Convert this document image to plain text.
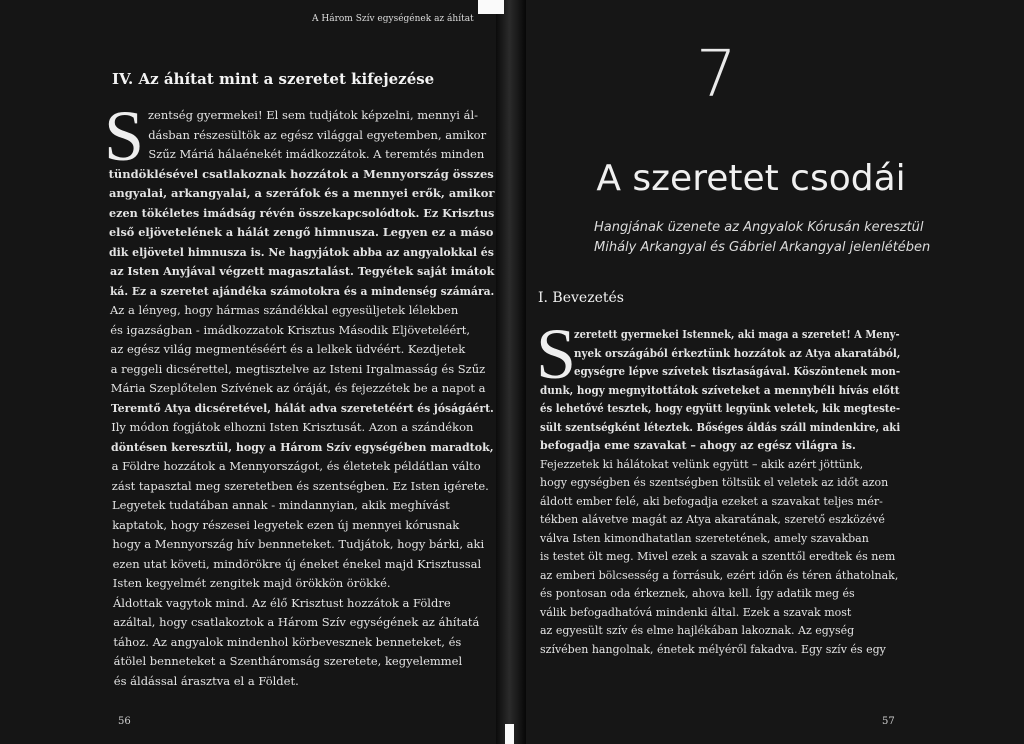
A Három Szív egységének az áhítat
IV. Az áhítat mint a szeretet kifejezése
S zentség gyermekei! El sem tudjátok képzelni, mennyi ál-
dásban részesültök az egész világgal egyetemben, amikor
Szűz Máriá hálaénekét imádkozzátok. A teremtés minden
tündöklésével csatlakoznak hozzátok a Mennyország összes
angyalai, arkangyalai, a szeráfok és a mennyei erők, amikor
ezen tökéletes imádság révén összekapcsolódtok. Ez Krisztus
első eljövetelének a hálát zengő himnusza. Legyen ez a máso
dik eljövetel himnusza is. Ne hagyjátok abba az angyalokkal és
az Isten Anyjával végzett magasztalást. Tegyétek saját imátok
ká. Ez a szeretet ajándéka számotokra és a mindenség számára.
Az a lényeg, hogy hármas szándékkal egyesüljetek lélekben
és igazságban - imádkozzatok Krisztus Második Eljöveteléért,
az egész világ megmentéséért és a lelkek üdvéért. Kezdjetek
a reggeli dicsérettel, megtisztelve az Isteni Irgalmasság és Szűz
Mária Szeplőtelen Szívének az óráját, és fejezzétek be a napot a
Teremtő Atya dicséretével, hálát adva szeretetéért és jóságáért.
Ily módon fogjátok elhozni Isten Krisztusát. Azon a szándékon
döntésen keresztül, hogy a Három Szív egységében maradtok,
a Földre hozzátok a Mennyországot, és életetek példátlan válto
zást tapasztal meg szeretetben és szentségben. Ez Isten igérete.
Legyetek tudatában annak - mindannyian, akik meghívást
kaptatok, hogy részesei legyetek ezen új mennyei kórusnak
hogy a Mennyország hív bennneteket. Tudjátok, hogy bárki, aki
ezen utat követi, mindörökre új éneket énekel majd Krisztussal
Isten kegyelmét zengitek majd örökkön örökké.
Áldottak vagytok mind. Az élő Krisztust hozzátok a Földre
azáltal, hogy csatlakoztok a Három Szív egységének az áhítatá
tához. Az angyalok mindenhol körbevesznek benneteket, és
átölel benneteket a Szentháromság szeretete, kegyelemmel
és áldással árasztva el a Földet.
56
7
A szeretet csodái
Hangjának üzenete az Angyalok Kórusán keresztül
Mihály Arkangyal és Gábriel Arkangyal jelenlétében
I. Bevezetés
S
zeretett gyermekei Istennek, aki maga a szeretet! A Meny-
nyek országából érkeztünk hozzátok az Atya akaratából,
egységre lépve szívetek tisztaságával. Köszöntenek mon-
dunk, hogy megnyitottátok szíveteket a mennybéli hívás előtt
és lehetővé tesztek, hogy együtt legyünk veletek, kik megteste-
sült szentségként léteztek. Bőséges áldás száll mindenkire, aki
befogadja eme szavakat – ahogy az egész világra is.
Fejezzetek ki hálátokat velünk együtt – akik azért jöttünk,
hogy egységben és szentségben töltsük el veletek az időt azon
áldott ember felé, aki befogadja ezeket a szavakat teljes mér-
tékben alávetve magát az Atya akaratának, szerető eszközévé
válva Isten kimondhatatlan szeretetének, amely szavakban
is testet ölt meg. Mivel ezek a szavak a szenttől eredtek és nem
az emberi bölcsesség a forrásuk, ezért időn és téren áthatolnak,
és pontosan oda érkeznek, ahova kell. Így adatik meg és
válik befogadhatóvá mindenki által. Ezek a szavak most
az egyesült szív és elme hajlékában lakoznak. Az egység
szívében hangolnak, énetek mélyéről fakadva. Egy szív és egy
57
